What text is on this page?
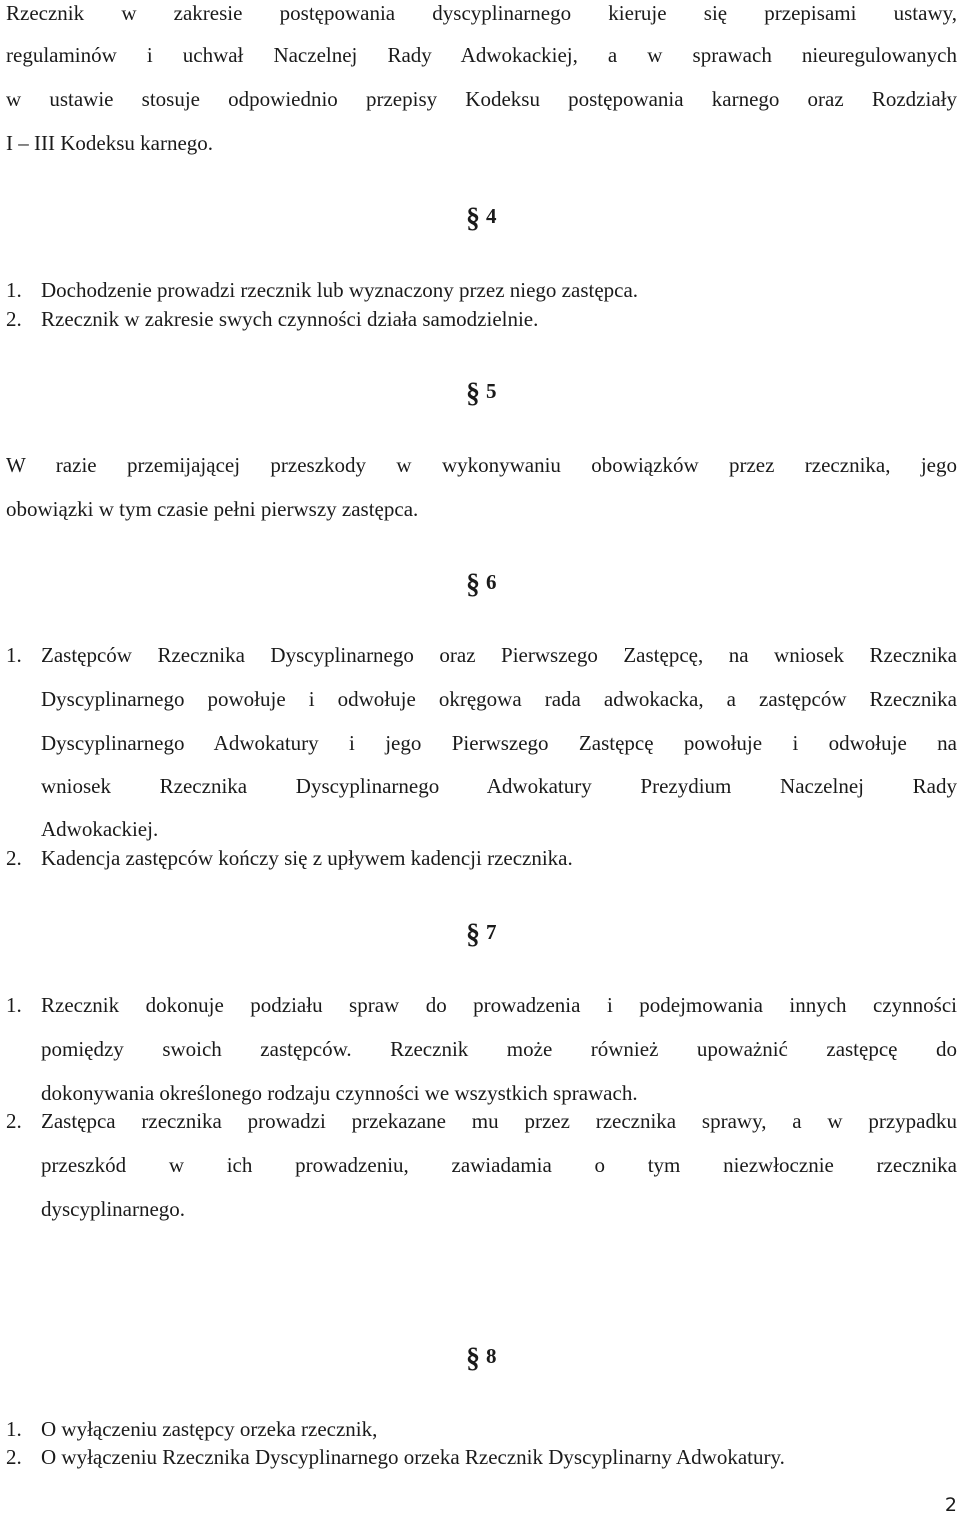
Rzecznik w zakresie postępowania dyscyplinarnego kieruje się przepisami ustawy,
regulaminów i uchwał Naczelnej Rady Adwokackiej, a w sprawach nieuregulowanych
w ustawie stosuje odpowiednio przepisy Kodeksu postępowania karnego oraz Rozdziały
I – III Kodeksu karnego.
§ 4
1. Dochodzenie prowadzi rzecznik lub wyznaczony przez niego zastępca.
2. Rzecznik w zakresie swych czynności działa samodzielnie.
§ 5
W razie przemijającej przeszkody w wykonywaniu obowiązków przez rzecznika, jego
obowiązki w tym czasie pełni pierwszy zastępca.
§ 6
1. Zastępców Rzecznika Dyscyplinarnego oraz Pierwszego Zastępcę, na wniosek Rzecznika
Dyscyplinarnego powołuje i odwołuje okręgowa rada adwokacka, a zastępców Rzecznika
Dyscyplinarnego Adwokatury i jego Pierwszego Zastępcę powołuje i odwołuje na
wniosek Rzecznika Dyscyplinarnego Adwokatury Prezydium Naczelnej Rady
Adwokackiej.
2. Kadencja zastępców kończy się z upływem kadencji rzecznika.
§ 7
1. Rzecznik dokonuje podziału spraw do prowadzenia i podejmowania innych czynności
pomiędzy swoich zastępców. Rzecznik może również upoważnić zastępcę do
dokonywania określonego rodzaju czynności we wszystkich sprawach.
2. Zastępca rzecznika prowadzi przekazane mu przez rzecznika sprawy, a w przypadku
przeszkód w ich prowadzeniu, zawiadamia o tym niezwłocznie rzecznika
dyscyplinarnego.
§ 8
1. O wyłączeniu zastępcy orzeka rzecznik,
2. O wyłączeniu Rzecznika Dyscyplinarnego orzeka Rzecznik Dyscyplinarny Adwokatury.
2
